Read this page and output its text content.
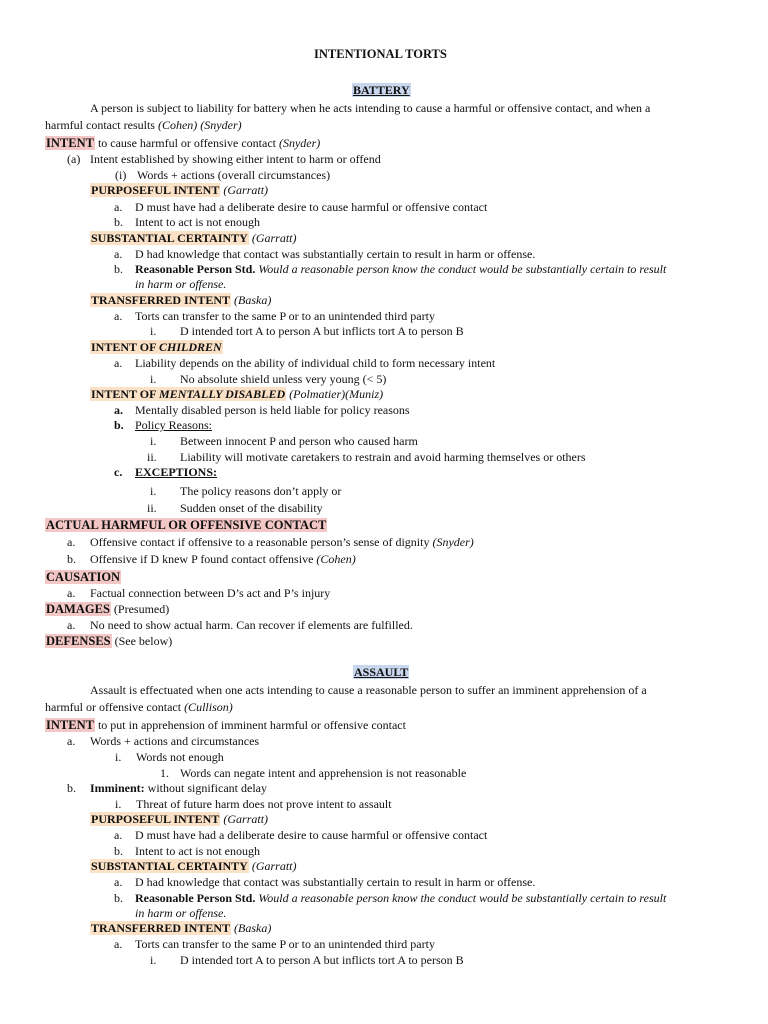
INTENTIONAL TORTS
BATTERY
A person is subject to liability for battery when he acts intending to cause a harmful or offensive contact, and when a
harmful contact results (Cohen) (Snyder)
INTENT to cause harmful or offensive contact (Snyder)
(a) Intent established by showing either intent to harm or offend
(i) Words + actions (overall circumstances)
PURPOSEFUL INTENT (Garratt)
a. D must have had a deliberate desire to cause harmful or offensive contact
b. Intent to act is not enough
SUBSTANTIAL CERTAINTY (Garratt)
a. D had knowledge that contact was substantially certain to result in harm or offense.
b. Reasonable Person Std. Would a reasonable person know the conduct would be substantially certain to result
in harm or offense.
TRANSFERRED INTENT (Baska)
a. Torts can transfer to the same P or to an unintended third party
i. D intended tort A to person A but inflicts tort A to person B
INTENT OF CHILDREN
a. Liability depends on the ability of individual child to form necessary intent
i. No absolute shield unless very young (< 5)
INTENT OF MENTALLY DISABLED (Polmatier)(Muniz)
a. Mentally disabled person is held liable for policy reasons
b. Policy Reasons:
i. Between innocent P and person who caused harm
ii. Liability will motivate caretakers to restrain and avoid harming themselves or others
c. EXCEPTIONS:
i. The policy reasons don’t apply or
ii. Sudden onset of the disability
ACTUAL HARMFUL OR OFFENSIVE CONTACT
a. Offensive contact if offensive to a reasonable person’s sense of dignity (Snyder)
b. Offensive if D knew P found contact offensive (Cohen)
CAUSATION
a. Factual connection between D’s act and P’s injury
DAMAGES (Presumed)
a. No need to show actual harm. Can recover if elements are fulfilled.
DEFENSES (See below)
ASSAULT
Assault is effectuated when one acts intending to cause a reasonable person to suffer an imminent apprehension of a
harmful or offensive contact (Cullison)
INTENT to put in apprehension of imminent harmful or offensive contact
a. Words + actions and circumstances
i. Words not enough
1. Words can negate intent and apprehension is not reasonable
b. Imminent: without significant delay
i. Threat of future harm does not prove intent to assault
PURPOSEFUL INTENT (Garratt)
a. D must have had a deliberate desire to cause harmful or offensive contact
b. Intent to act is not enough
SUBSTANTIAL CERTAINTY (Garratt)
a. D had knowledge that contact was substantially certain to result in harm or offense.
b. Reasonable Person Std. Would a reasonable person know the conduct would be substantially certain to result
in harm or offense.
TRANSFERRED INTENT (Baska)
a. Torts can transfer to the same P or to an unintended third party
i. D intended tort A to person A but inflicts tort A to person B
